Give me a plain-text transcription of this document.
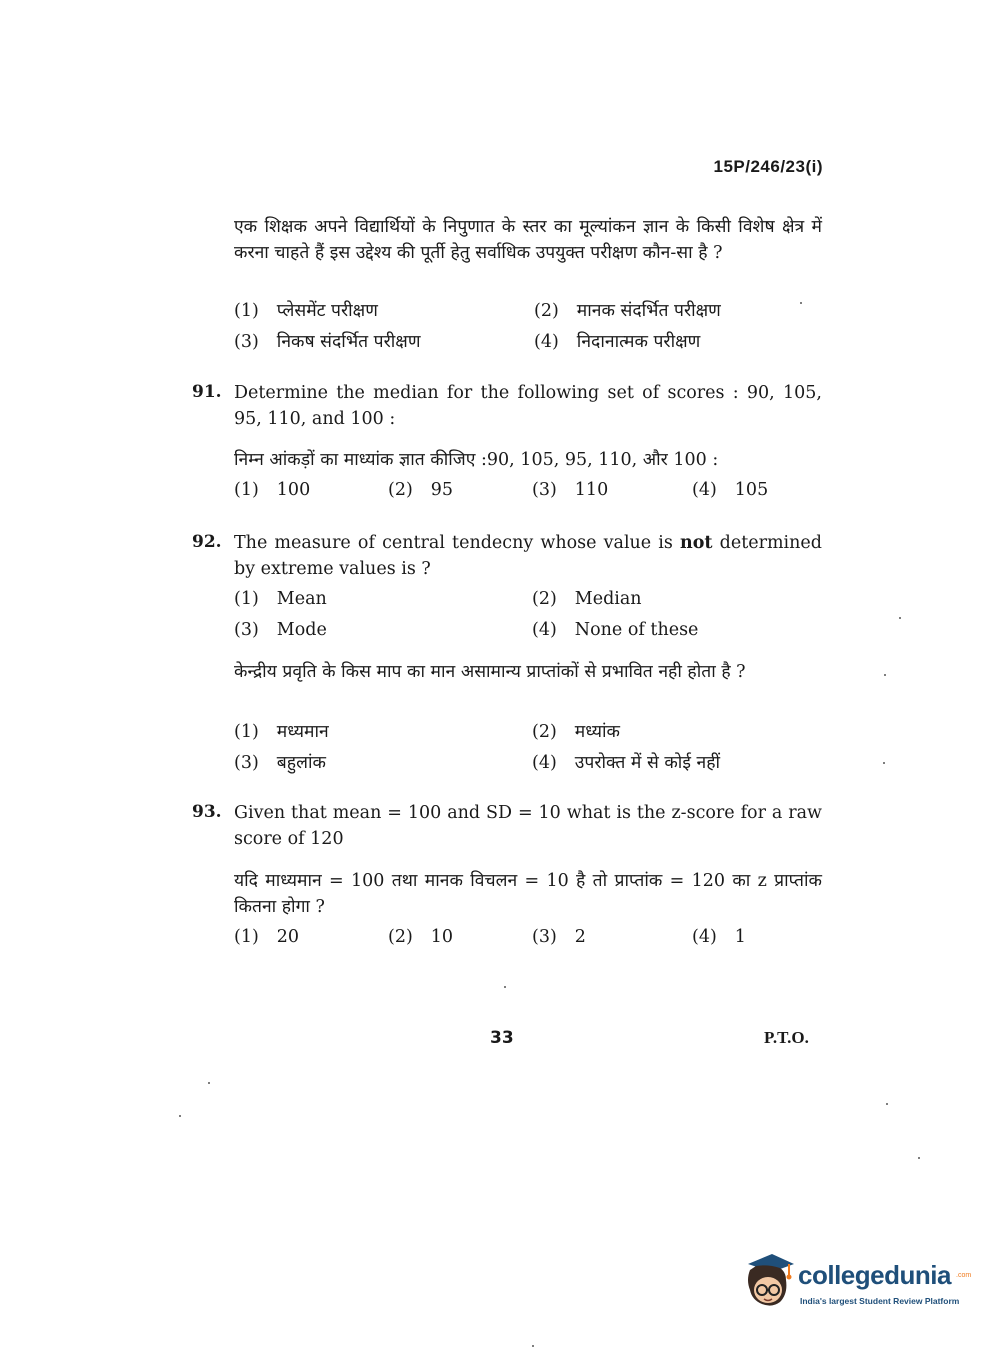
15P/246/23(i)
एक शिक्षक अपने विद्यार्थियों के निपुणात के स्तर का मूल्यांकन ज्ञान के किसी विशेष क्षेत्र में करना चाहते हैं इस उद्देश्य की पूर्ती हेतु सर्वाधिक उपयुक्त परीक्षण कौन-सा है ?
(1) प्लेसमेंट परीक्षण	(2) मानक संदर्भित परीक्षण
(3) निकष संदर्भित परीक्षण	(4) निदानात्मक परीक्षण
91. Determine the median for the following set of scores : 90, 105, 95, 110, and 100 :
निम्न आंकड़ों का माध्यांक ज्ञात कीजिए :90, 105, 95, 110, और 100 :
(1) 100	(2) 95	(3) 110	(4) 105
92. The measure of central tendecny whose value is not determined by extreme values is ?
(1) Mean	(2) Median
(3) Mode	(4) None of these
केन्द्रीय प्रवृति के किस माप का मान असामान्य प्राप्तांकों से प्रभावित नही होता है ?
(1) मध्यमान	(2) मध्यांक
(3) बहुलांक	(4) उपरोक्त में से कोई नहीं
93. Given that mean = 100 and SD = 10 what is the z-score for a raw score of 120
यदि माध्यमान = 100 तथा मानक विचलन = 10 है तो प्राप्तांक = 120 का z प्राप्तांक कितना होगा ?
(1) 20	(2) 10	(3) 2	(4) 1
33	P.T.O.
collegedunia .com
India's largest Student Review Platform
